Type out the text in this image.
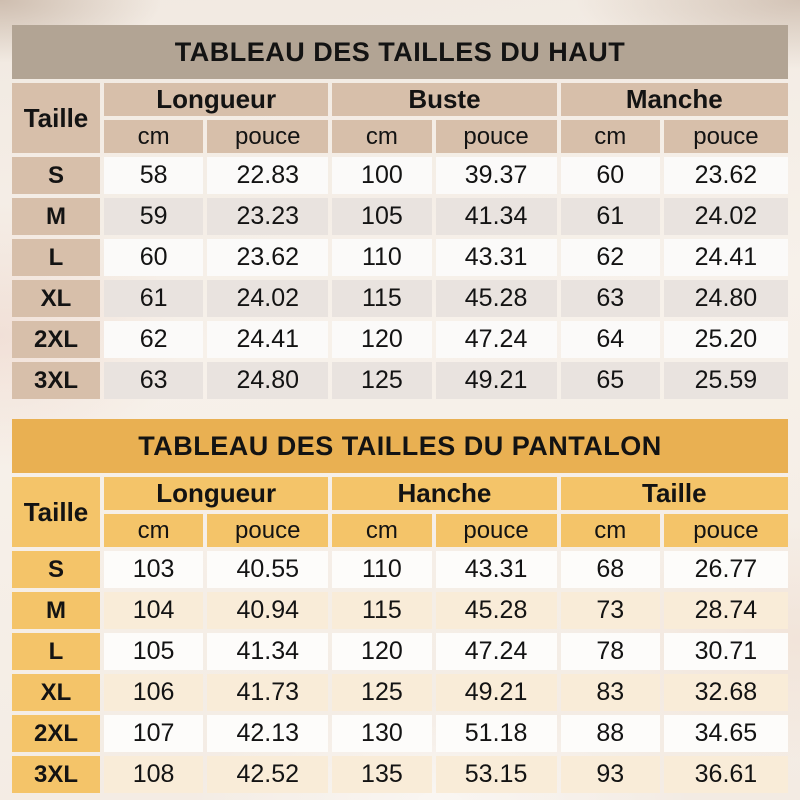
TABLEAU DES TAILLES DU HAUT						
Taille	Longueur		Buste		Manche	
	cm	pouce	cm	pouce	cm	pouce
S	58	22.83	100	39.37	60	23.62
M	59	23.23	105	41.34	61	24.02
L	60	23.62	110	43.31	62	24.41
XL	61	24.02	115	45.28	63	24.80
2XL	62	24.41	120	47.24	64	25.20
3XL	63	24.80	125	49.21	65	25.59
TABLEAU DES TAILLES DU PANTALON						
Taille	Longueur		Hanche		Taille	
	cm	pouce	cm	pouce	cm	pouce
S	103	40.55	110	43.31	68	26.77
M	104	40.94	115	45.28	73	28.74
L	105	41.34	120	47.24	78	30.71
XL	106	41.73	125	49.21	83	32.68
2XL	107	42.13	130	51.18	88	34.65
3XL	108	42.52	135	53.15	93	36.61
